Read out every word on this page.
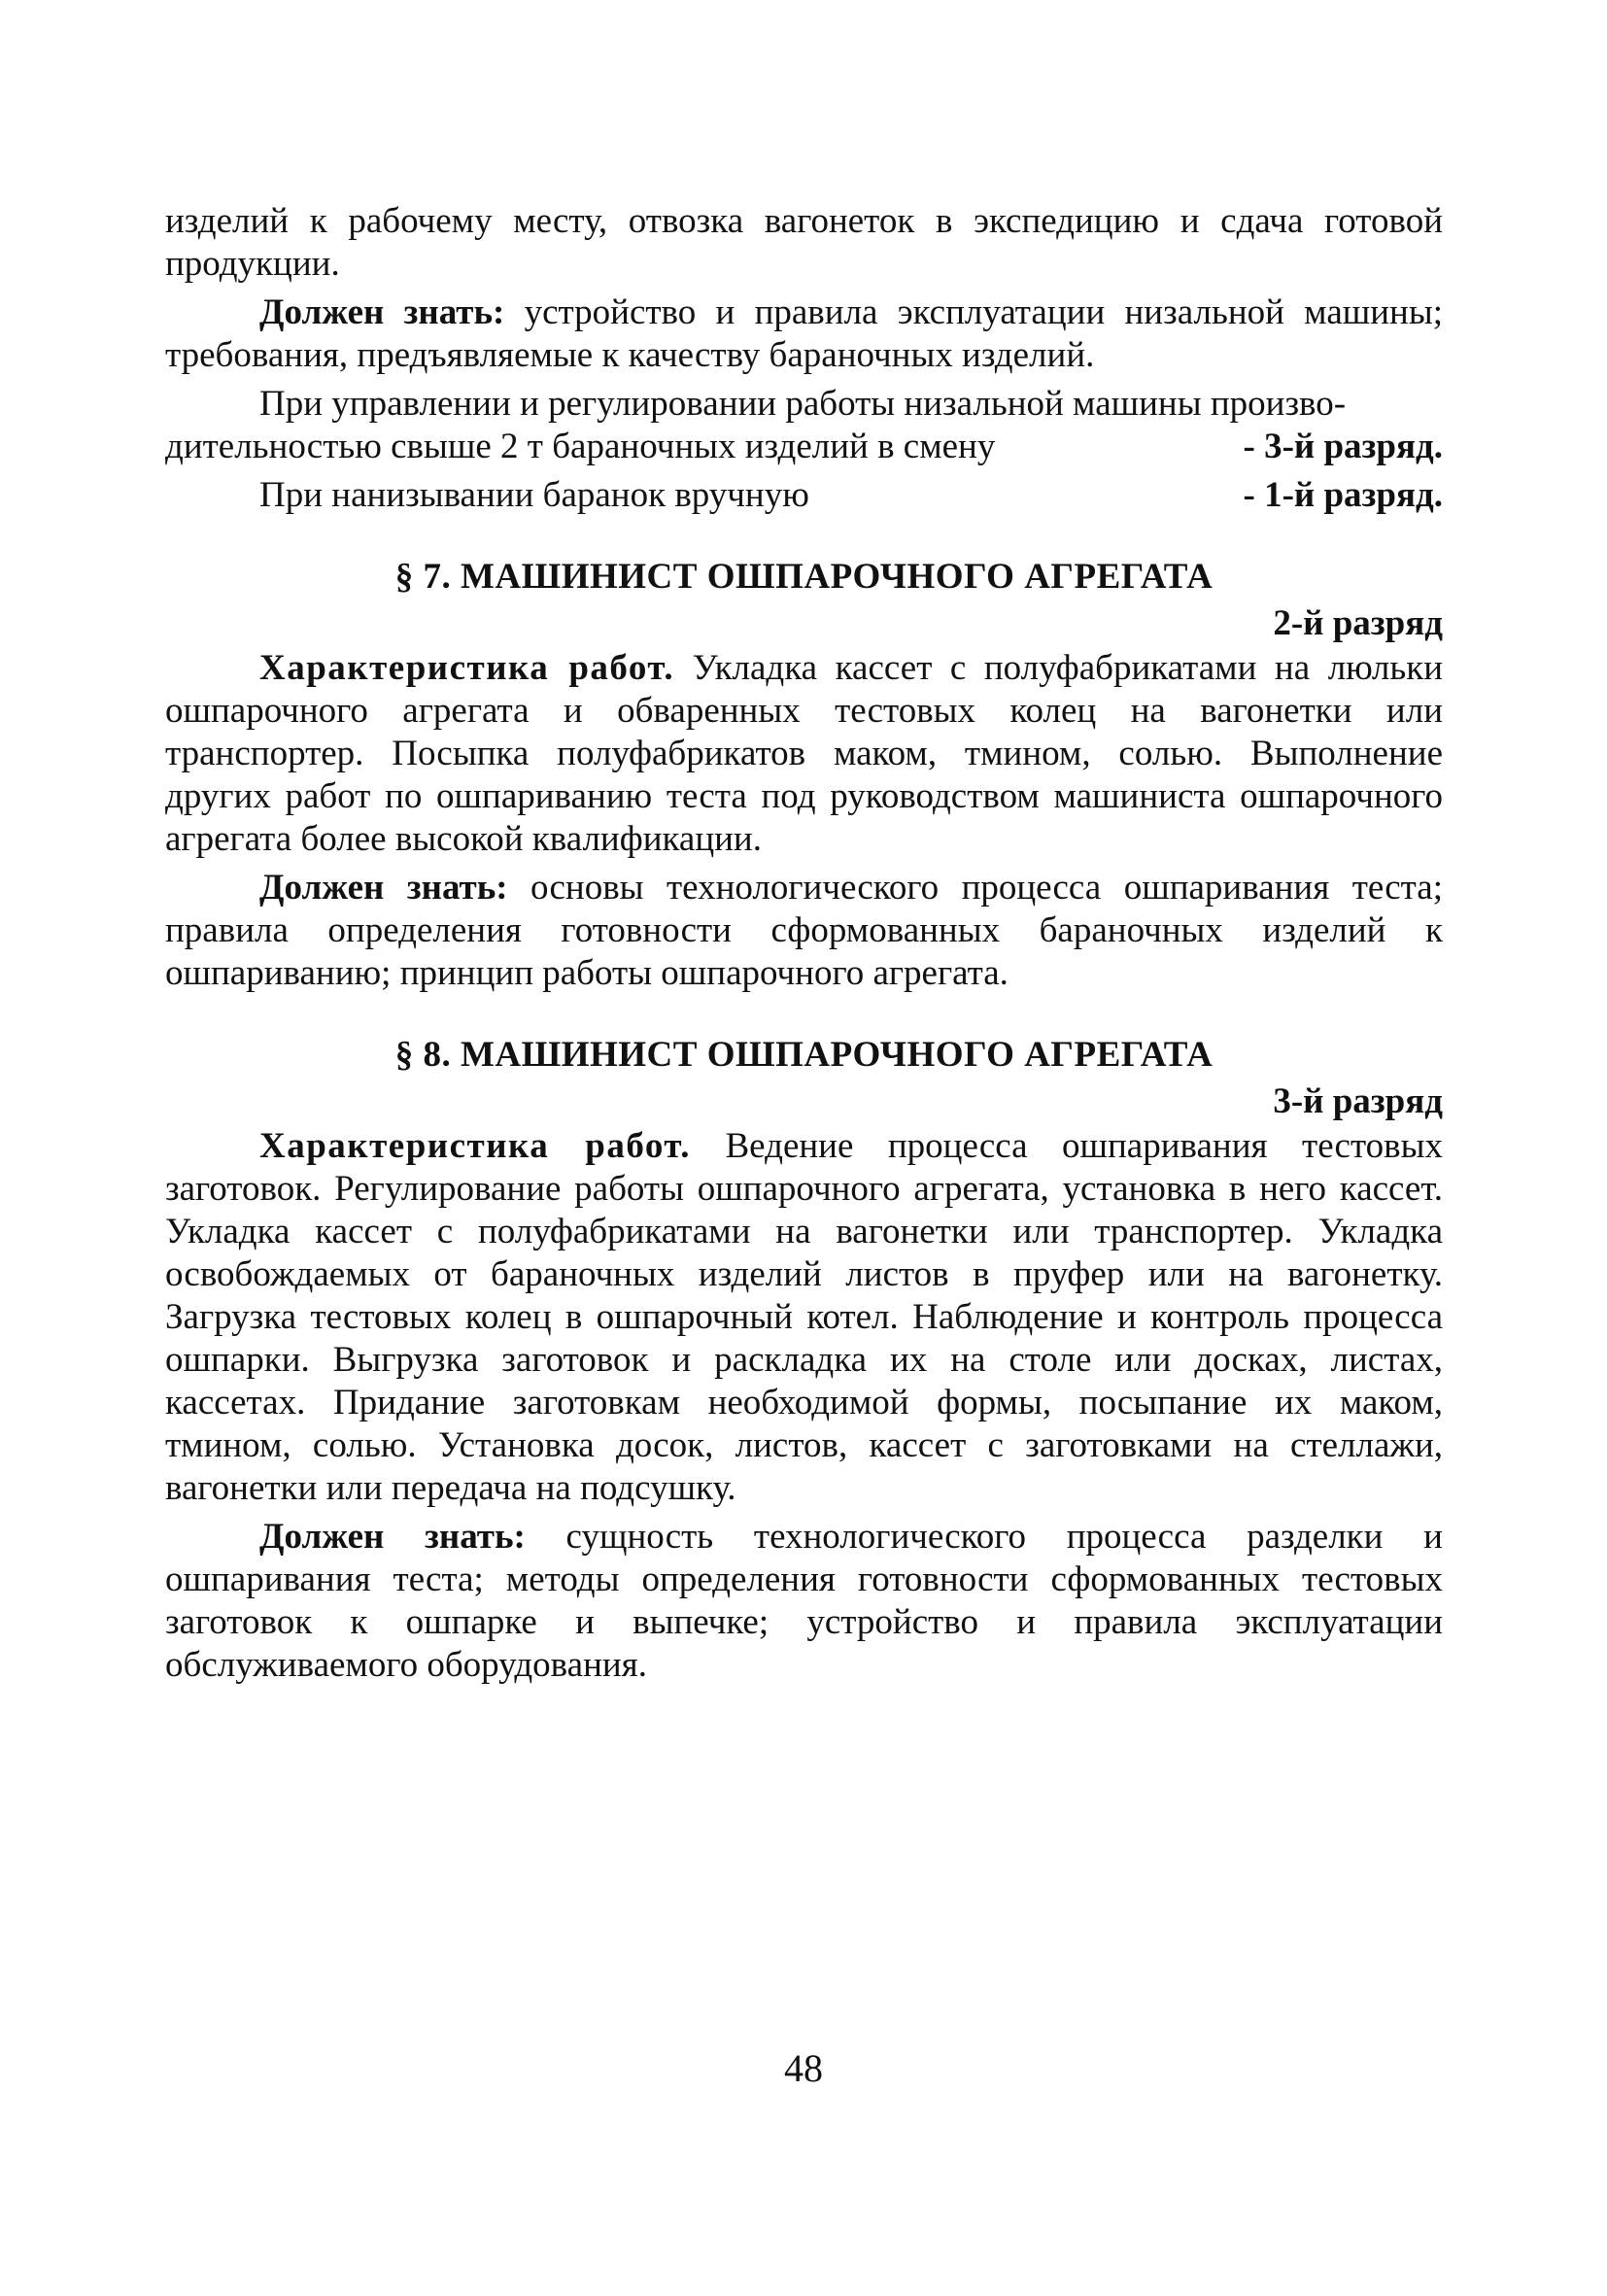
изделий к рабочему месту, отвозка вагонеток в экспедицию и сдача готовой продукции.

Должен знать: устройство и правила эксплуатации низальной машины; требования, предъявляемые к качеству бараночных изделий.

При управлении и регулировании работы низальной машины произво-

дительностью свыше 2 т бараночных изделий в смену	- 3-й разряд.
При нанизывании баранок вручную	- 1-й разряд.
§ 7. МАШИНИСТ ОШПАРОЧНОГО АГРЕГАТА
2-й разряд

Характеристика работ. Укладка кассет с полуфабрикатами на люльки ошпарочного агрегата и обваренных тестовых колец на вагонетки или транспортер. Посыпка полуфабрикатов маком, тмином, солью. Выполнение других работ по ошпариванию теста под руководством машиниста ошпарочного агрегата более высокой квалификации.

Должен знать: основы технологического процесса ошпаривания теста; правила определения готовности сформованных бараночных изделий к ошпариванию; принцип работы ошпарочного агрегата.

§ 8. МАШИНИСТ ОШПАРОЧНОГО АГРЕГАТА
3-й разряд

Характеристика работ. Ведение процесса ошпаривания тестовых заготовок. Регулирование работы ошпарочного агрегата, установка в него кассет. Укладка кассет с полуфабрикатами на вагонетки или транспортер. Укладка освобождаемых от бараночных изделий листов в пруфер или на вагонетку. Загрузка тестовых колец в ошпарочный котел. Наблюдение и контроль процесса ошпарки. Выгрузка заготовок и раскладка их на столе или досках, листах, кассетах. Придание заготовкам необходимой формы, посыпание их маком, тмином, солью. Установка досок, листов, кассет с заготовками на стеллажи, вагонетки или передача на подсушку.

Должен знать: сущность технологического процесса разделки и ошпаривания теста; методы определения готовности сформованных тестовых заготовок к ошпарке и выпечке; устройство и правила эксплуатации обслуживаемого оборудования.

48
